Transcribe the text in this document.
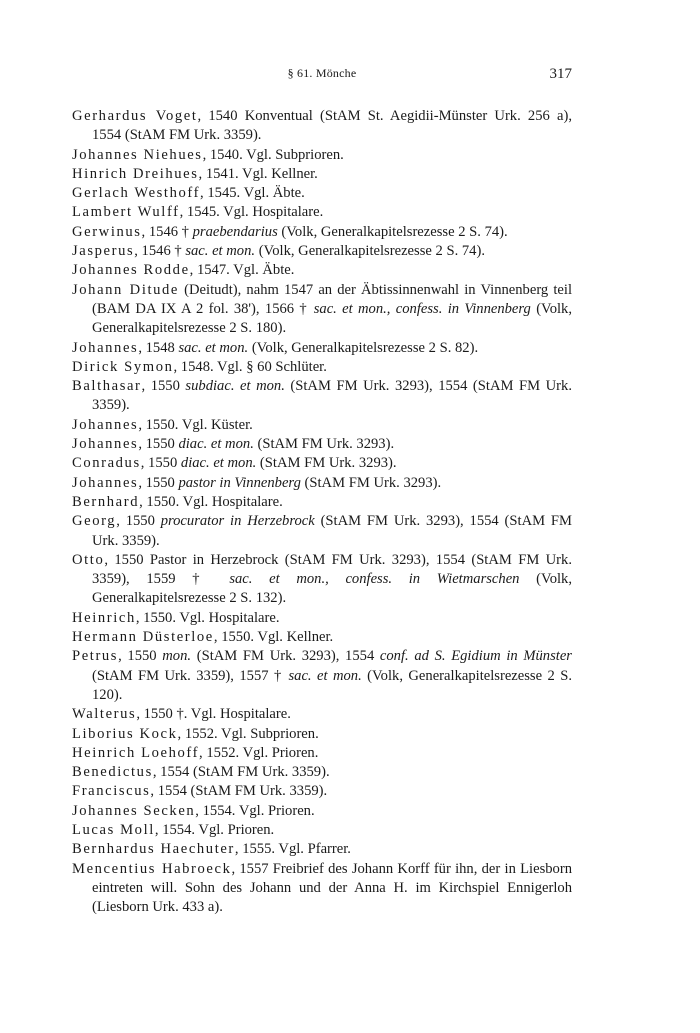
§ 61. Mönche	317

Gerhardus Voget, 1540 Konventual (StAM St. Aegidii-Münster Urk. 256 a), 1554 (StAM FM Urk. 3359).

Johannes Niehues, 1540. Vgl. Subprioren.

Hinrich Dreihues, 1541. Vgl. Kellner.

Gerlach Westhoff, 1545. Vgl. Äbte.

Lambert Wulff, 1545. Vgl. Hospitalare.

Gerwinus, 1546 † praebendarius (Volk, Generalkapitelsrezesse 2 S. 74).

Jasperus, 1546 † sac. et mon. (Volk, Generalkapitelsrezesse 2 S. 74).

Johannes Rodde, 1547. Vgl. Äbte.

Johann Ditude (Deitudt), nahm 1547 an der Äbtissinnenwahl in Vinnenberg teil (BAM DA IX A 2 fol. 38'), 1566 † sac. et mon., confess. in Vinnenberg (Volk, Generalkapitelsrezesse 2 S. 180).

Johannes, 1548 sac. et mon. (Volk, Generalkapitelsrezesse 2 S. 82).

Dirick Symon, 1548. Vgl. § 60 Schlüter.

Balthasar, 1550 subdiac. et mon. (StAM FM Urk. 3293), 1554 (StAM FM Urk. 3359).

Johannes, 1550. Vgl. Küster.

Johannes, 1550 diac. et mon. (StAM FM Urk. 3293).

Conradus, 1550 diac. et mon. (StAM FM Urk. 3293).

Johannes, 1550 pastor in Vinnenberg (StAM FM Urk. 3293).

Bernhard, 1550. Vgl. Hospitalare.

Georg, 1550 procurator in Herzebrock (StAM FM Urk. 3293), 1554 (StAM FM Urk. 3359).

Otto, 1550 Pastor in Herzebrock (StAM FM Urk. 3293), 1554 (StAM FM Urk. 3359), 1559 † sac. et mon., confess. in Wietmarschen (Volk, Generalkapitelsrezesse 2 S. 132).

Heinrich, 1550. Vgl. Hospitalare.

Hermann Düsterloe, 1550. Vgl. Kellner.

Petrus, 1550 mon. (StAM FM Urk. 3293), 1554 conf. ad S. Egidium in Münster (StAM FM Urk. 3359), 1557 † sac. et mon. (Volk, Generalkapitelsrezesse 2 S. 120).

Walterus, 1550 †. Vgl. Hospitalare.

Liborius Kock, 1552. Vgl. Subprioren.

Heinrich Loehoff, 1552. Vgl. Prioren.

Benedictus, 1554 (StAM FM Urk. 3359).

Franciscus, 1554 (StAM FM Urk. 3359).

Johannes Secken, 1554. Vgl. Prioren.

Lucas Moll, 1554. Vgl. Prioren.

Bernhardus Haechuter, 1555. Vgl. Pfarrer.

Mencentius Habroeck, 1557 Freibrief des Johann Korff für ihn, der in Liesborn eintreten will. Sohn des Johann und der Anna H. im Kirchspiel Ennigerloh (Liesborn Urk. 433 a).
